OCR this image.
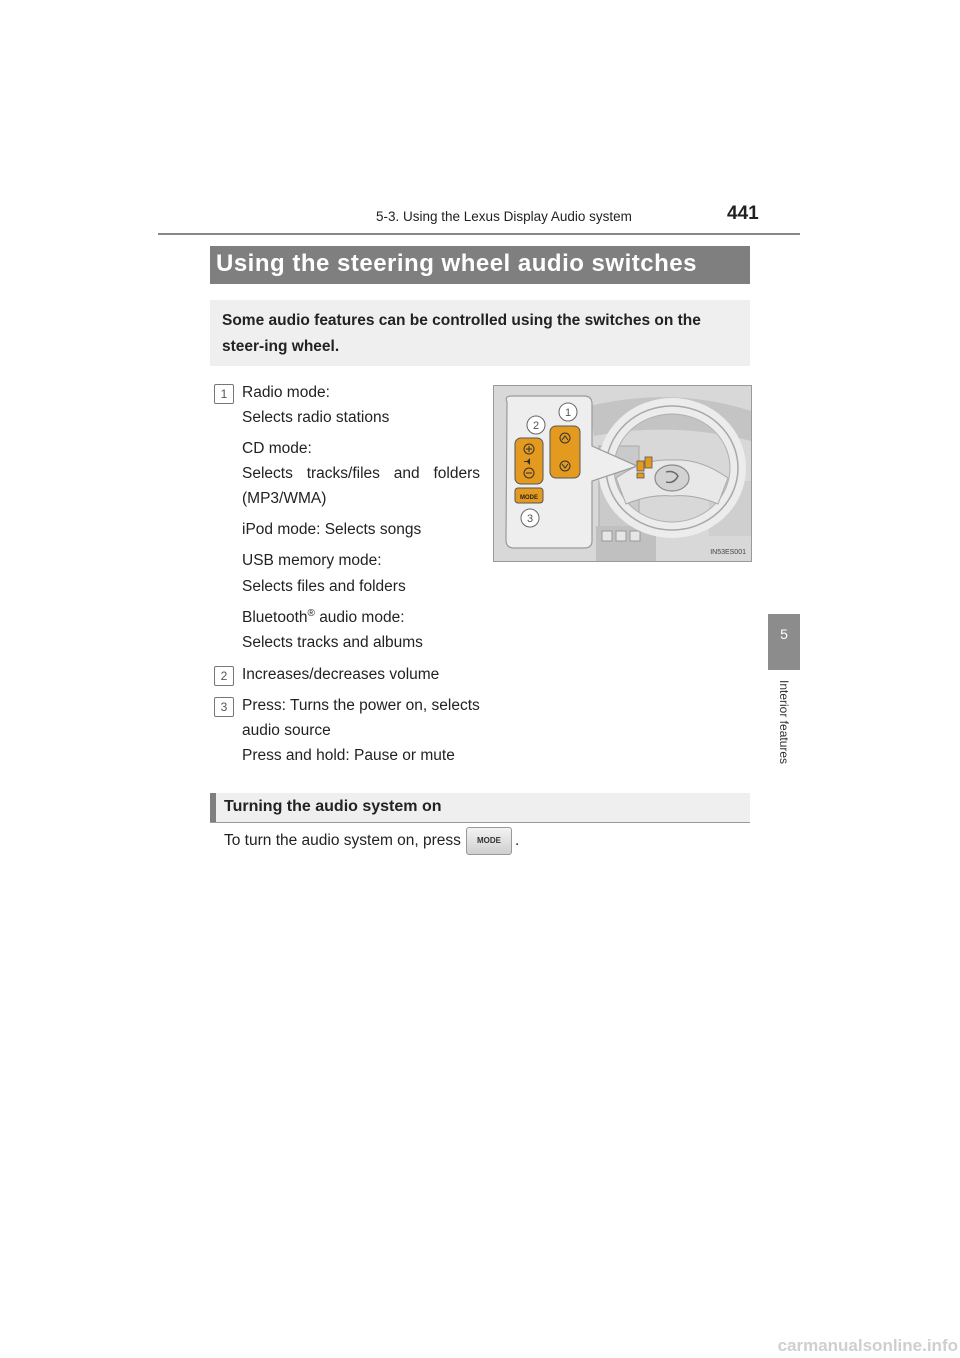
5-3. Using the Lexus Display Audio system	441
5
Interior features
Using the steering wheel audio switches
Some audio features can be controlled using the switches on the steer-ing wheel.
1 Radio mode:
Selects radio stations
CD mode:
Selects tracks/files and folders
(MP3/WMA)
iPod mode: Selects songs
USB memory mode:
Selects files and folders
Bluetooth® audio mode:
Selects tracks and albums
2 Increases/decreases volume
3 Press: Turns the power on, selects
audio source
Press and hold: Pause or mute
MODE
2
1
3
IN53ES001
Turning the audio system on
To turn the audio system on, press	MODE .
carmanualsonline.info
